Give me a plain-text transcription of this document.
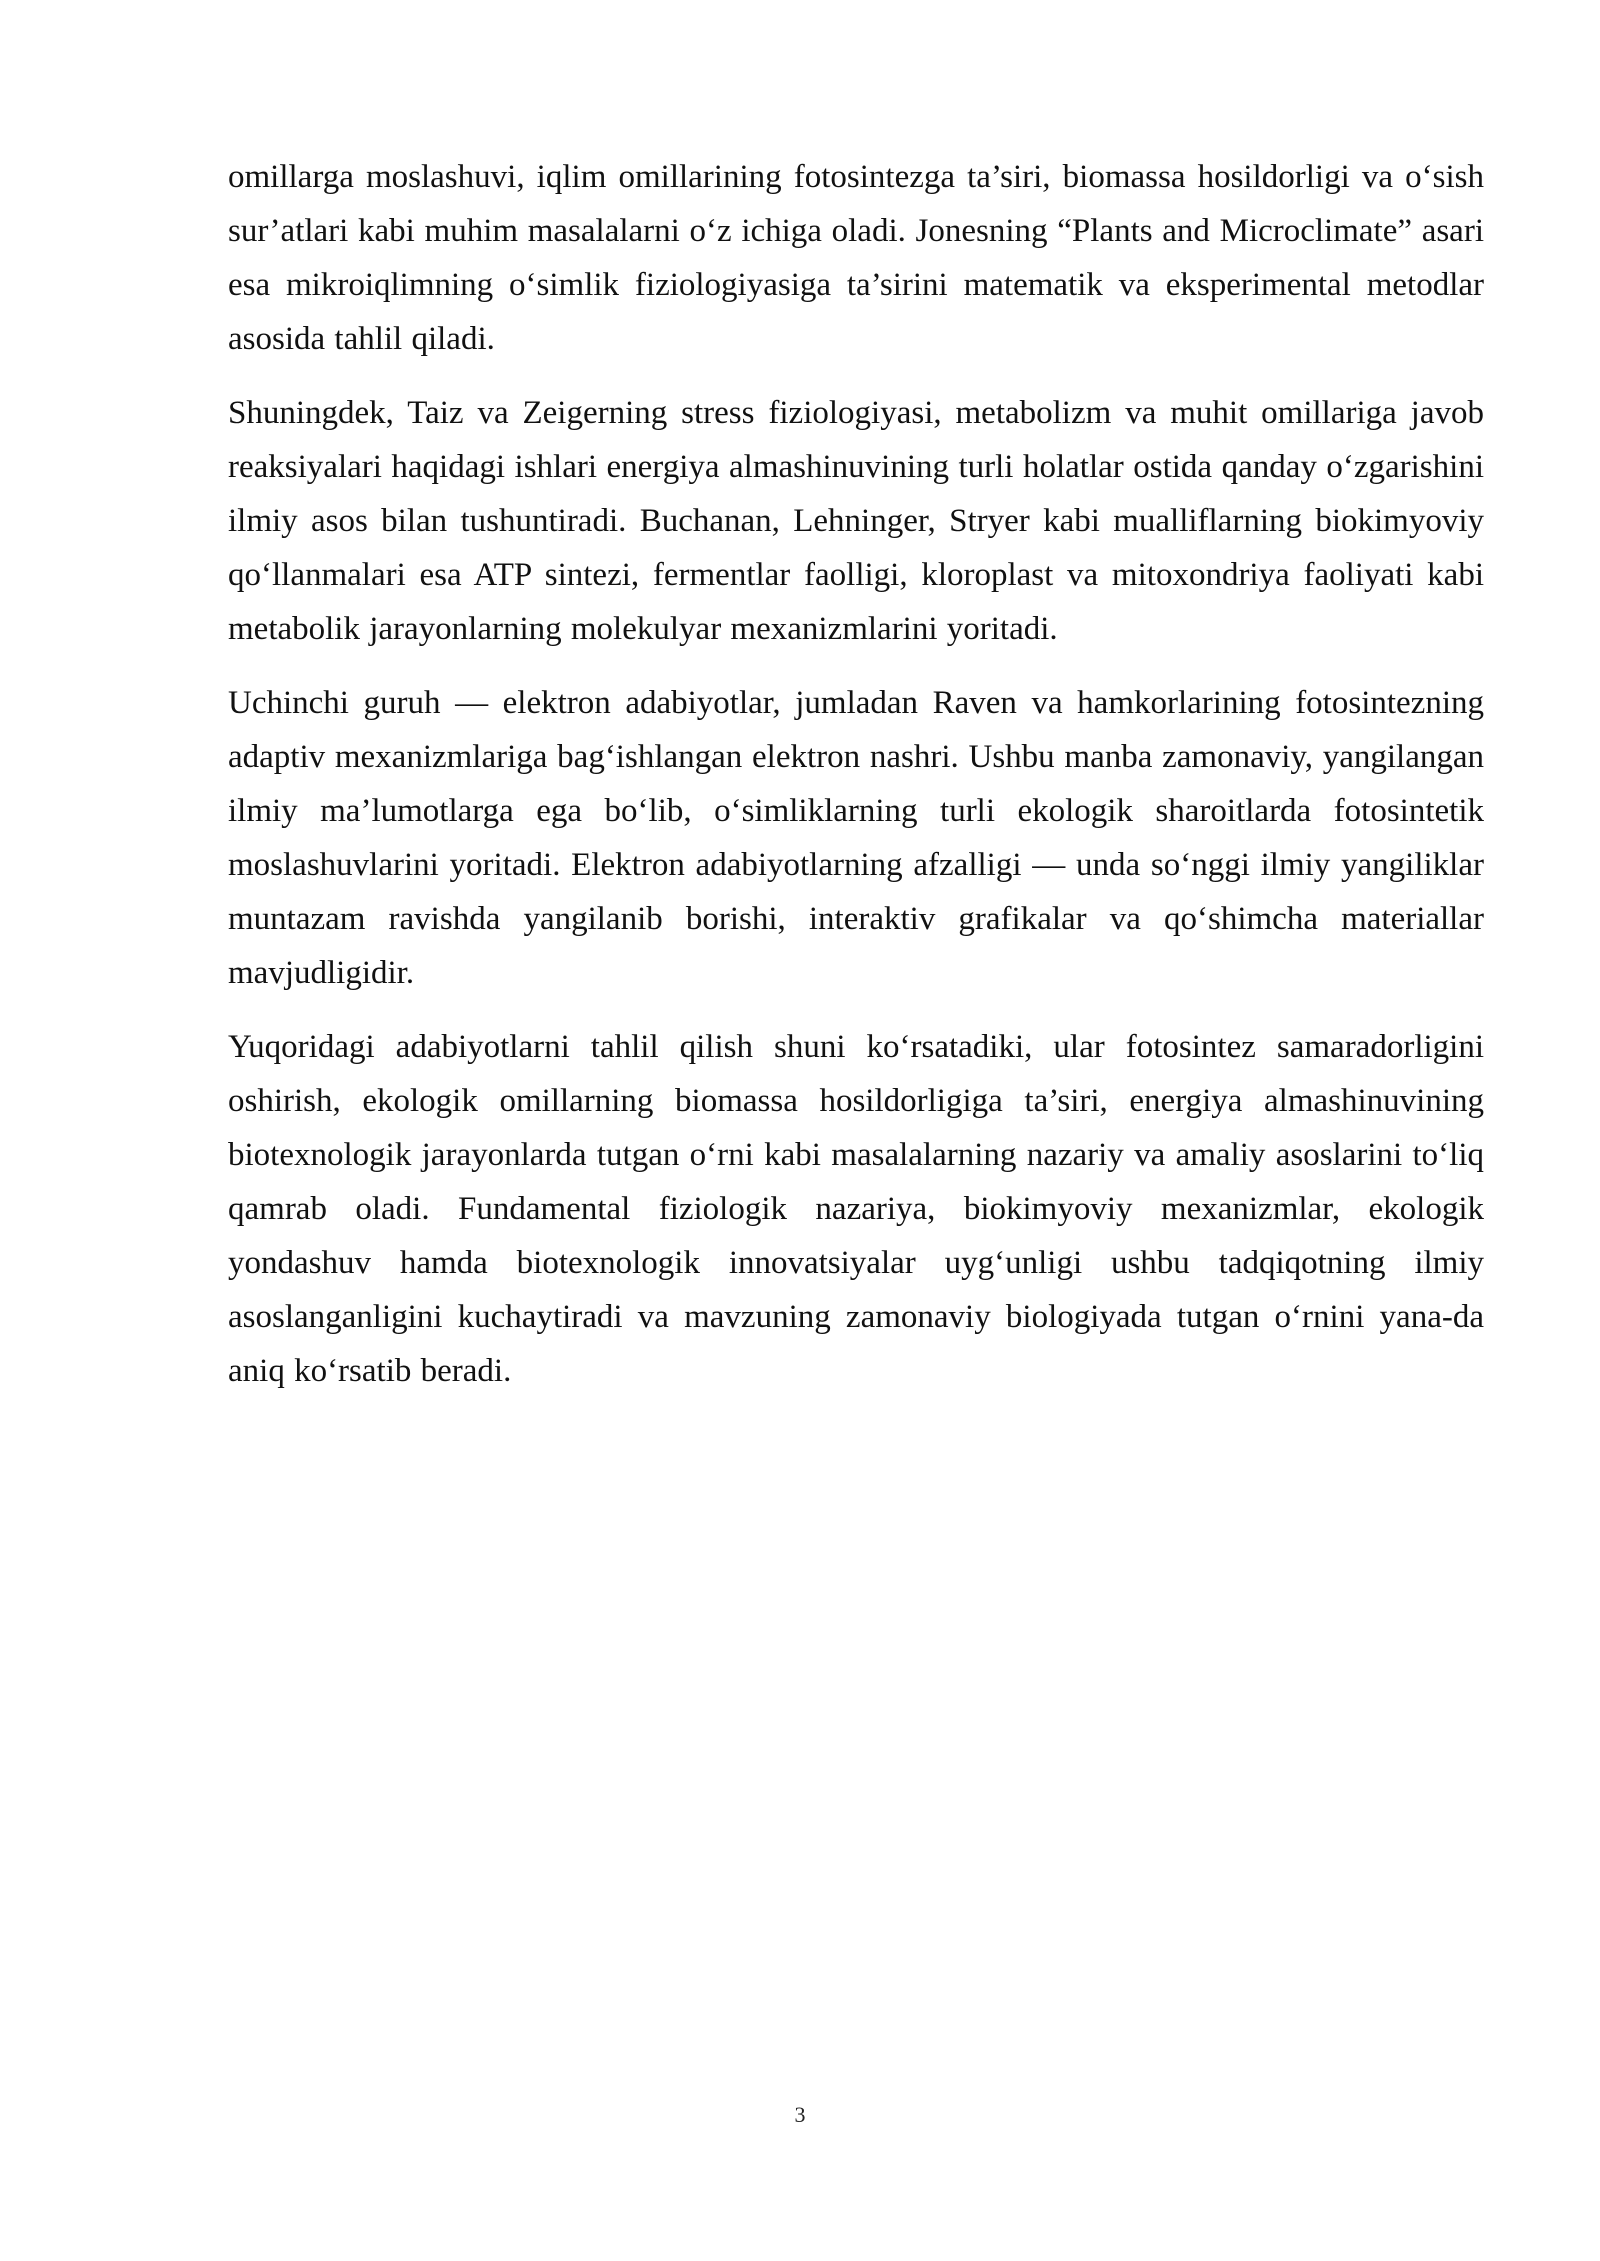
omillarga moslashuvi, iqlim omillarining fotosintezga ta’siri, biomassa hosildorligi va o‘sish sur’atlari kabi muhim masalalarni o‘z ichiga oladi. Jonesning “Plants and Microclimate” asari esa mikroiqlimning o‘simlik fiziologiyasiga ta’sirini matematik va eksperimental metodlar asosida tahlil qiladi.

Shuningdek, Taiz va Zeigerning stress fiziologiyasi, metabolizm va muhit omillariga javob reaksiyalari haqidagi ishlari energiya almashinuvining turli holatlar ostida qanday o‘zgarishini ilmiy asos bilan tushuntiradi. Buchanan, Lehninger, Stryer kabi mualliflarning biokimyoviy qo‘llanmalari esa ATP sintezi, fermentlar faolligi, kloroplast va mitoxondriya faoliyati kabi metabolik jarayonlarning molekulyar mexanizmlarini yoritadi.

Uchinchi guruh — elektron adabiyotlar, jumladan Raven va hamkorlarining fotosintezning adaptiv mexanizmlariga bag‘ishlangan elektron nashri. Ushbu manba zamonaviy, yangilangan ilmiy ma’lumotlarga ega bo‘lib, o‘simliklarning turli ekologik sharoitlarda fotosintetik moslashuvlarini yoritadi. Elektron adabiyotlarning afzalligi — unda so‘nggi ilmiy yangiliklar muntazam ravishda yangilanib borishi, interaktiv grafikalar va qo‘shimcha materiallar mavjudligidir.

Yuqoridagi adabiyotlarni tahlil qilish shuni ko‘rsatadiki, ular fotosintez samaradorligini oshirish, ekologik omillarning biomassa hosildorligiga ta’siri, energiya almashinuvining biotexnologik jarayonlarda tutgan o‘rni kabi masalalarning nazariy va amaliy asoslarini to‘liq qamrab oladi. Fundamental fiziologik nazariya, biokimyoviy mexanizmlar, ekologik yondashuv hamda biotexnologik innovatsiyalar uyg‘unligi ushbu tadqiqotning ilmiy asoslanganligini kuchaytiradi va mavzuning zamonaviy biologiyada tutgan o‘rnini yana-da aniq ko‘rsatib beradi.

3
